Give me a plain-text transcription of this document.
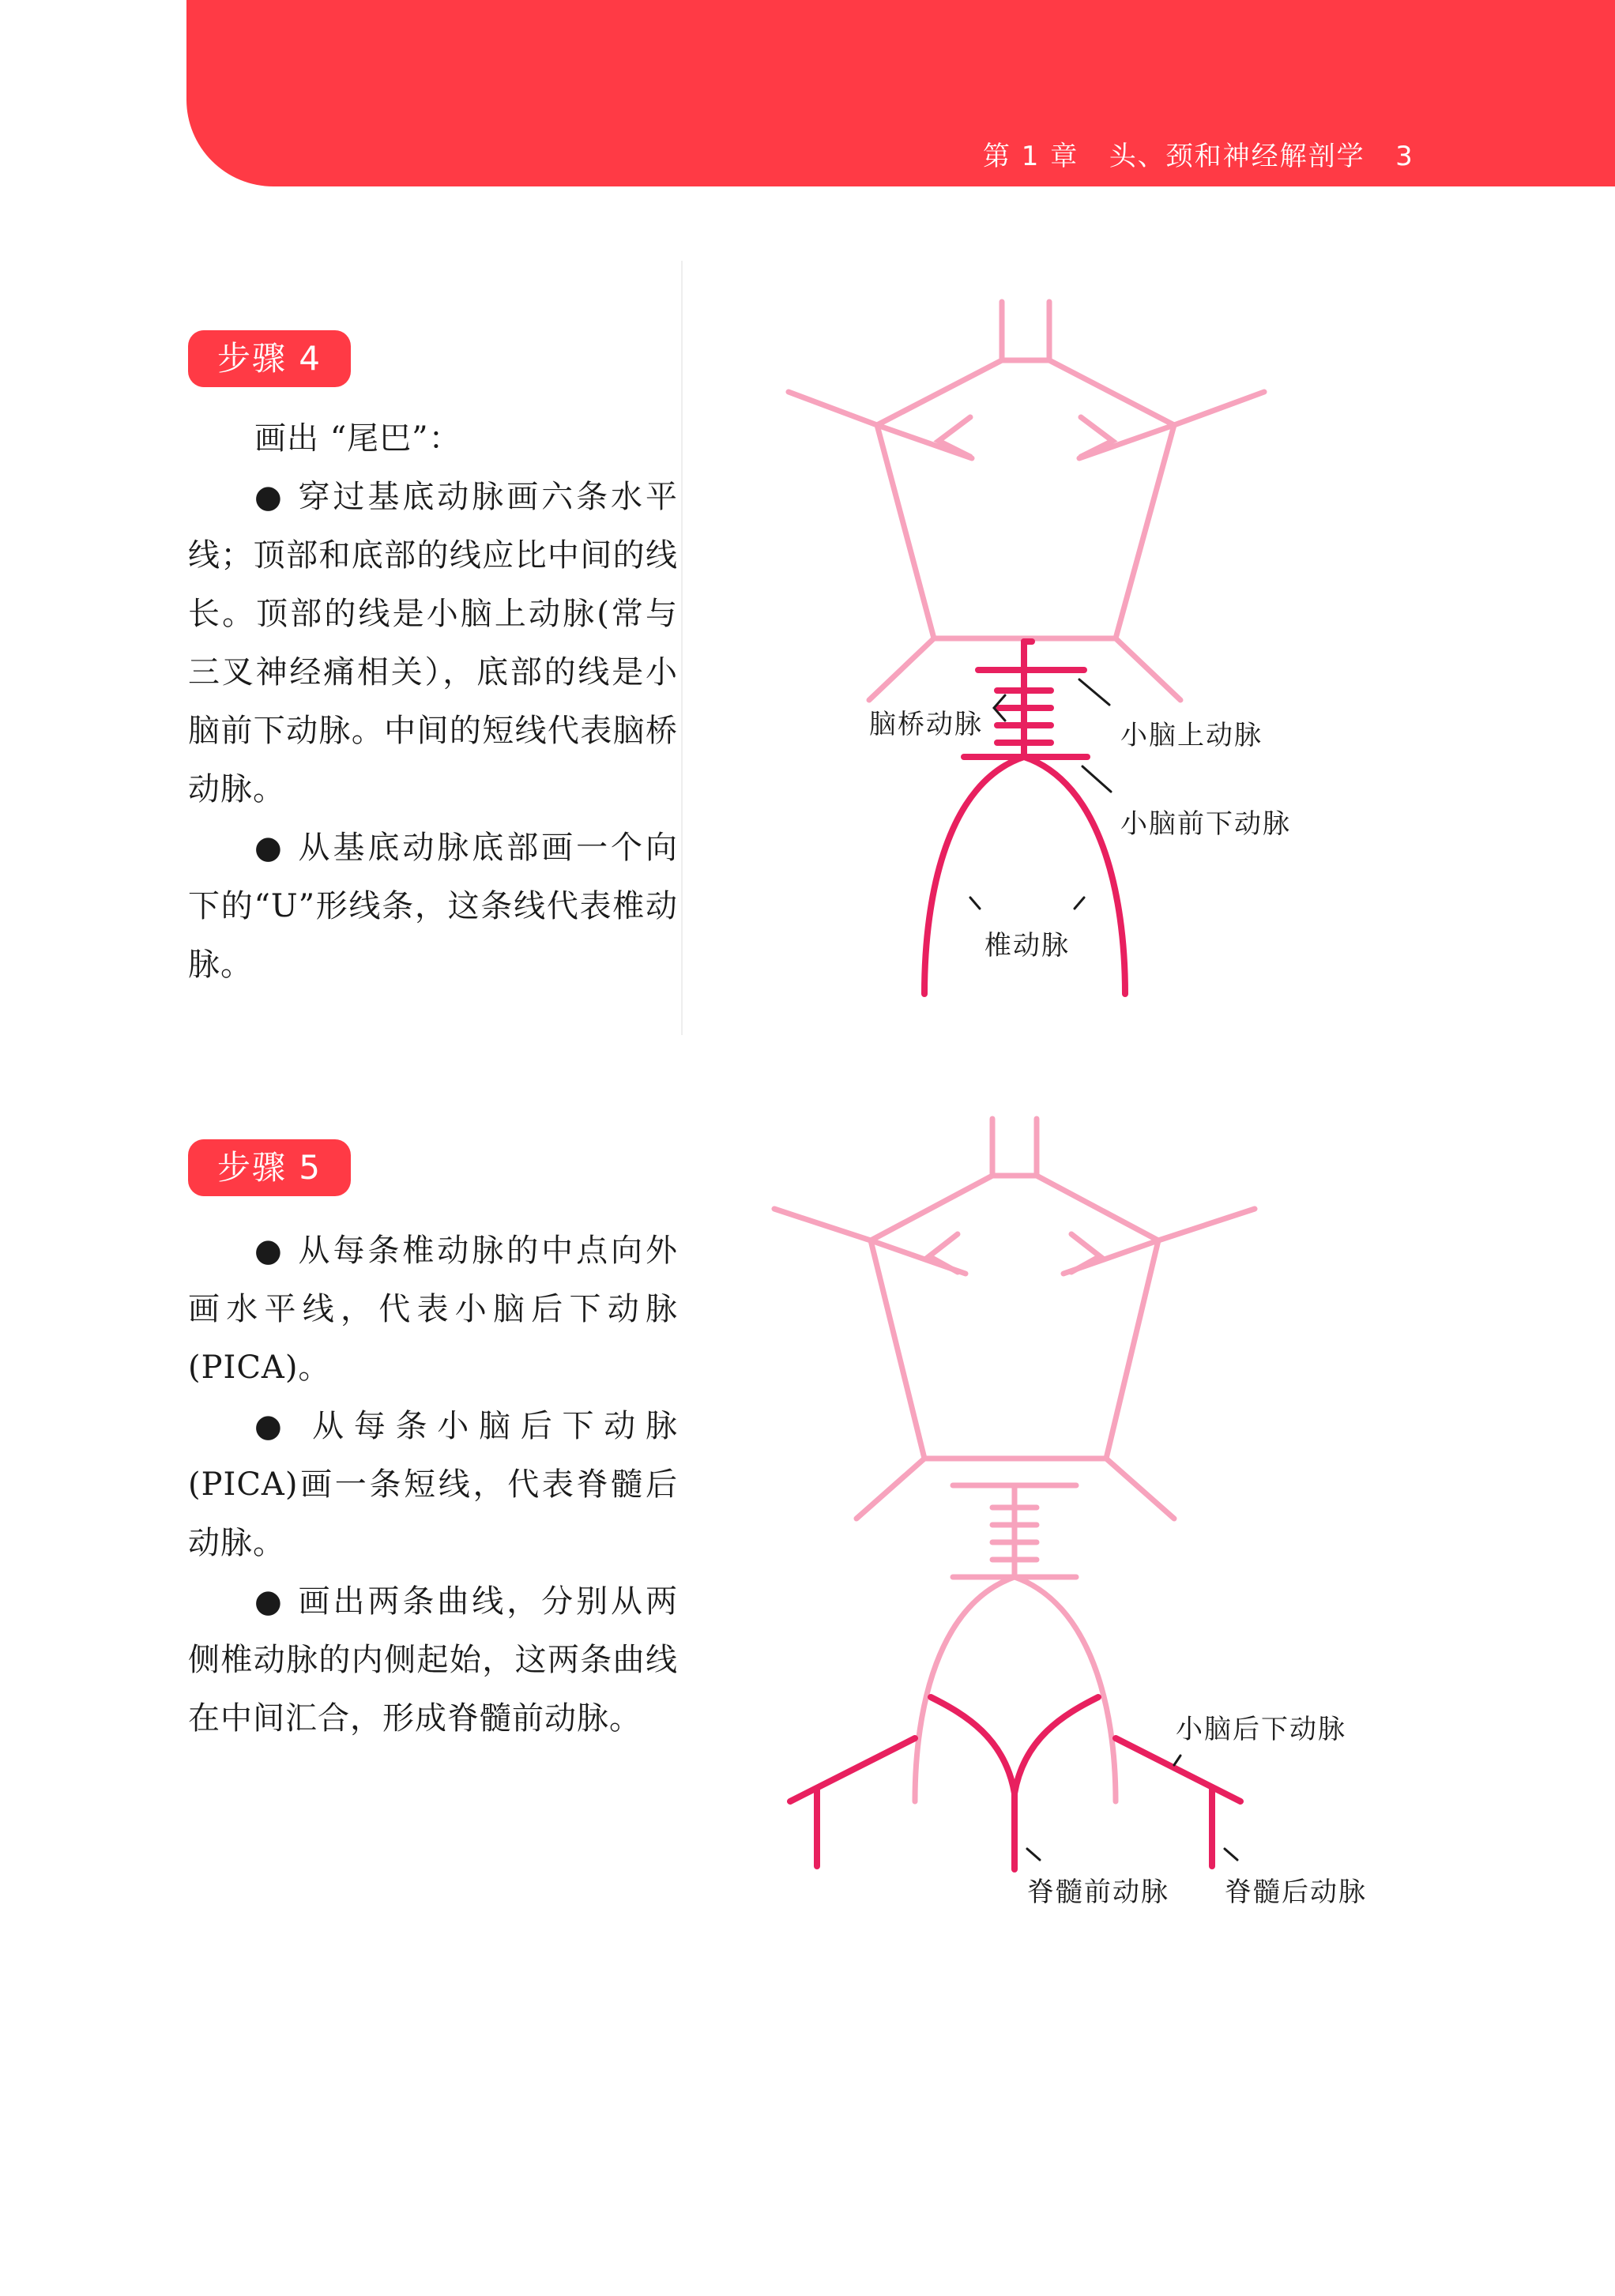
第 1 章 头、颈和神经解剖学 3
步骤 4

画出 “尾巴”：

● 穿过基底动脉画六条水平线；顶部和底部的线应比中间的线长。顶部的线是小脑上动脉(常与三叉神经痛相关），底部的线是小脑前下动脉。中间的短线代表脑桥动脉。

● 从基底动脉底部画一个向下的“U”形线条，这条线代表椎动脉。

步骤 5

● 从每条椎动脉的中点向外画水平线，代表小脑后下动脉(PICA)。

● 从每条小脑后下动脉(PICA)画一条短线，代表脊髓后动脉。

● 画出两条曲线，分别从两侧椎动脉的内侧起始，这两条曲线在中间汇合，形成脊髓前动脉。

脑桥动脉	小脑上动脉
小脑前下动脉
椎动脉
小脑后下动脉
脊髓前动脉 脊髓后动脉
